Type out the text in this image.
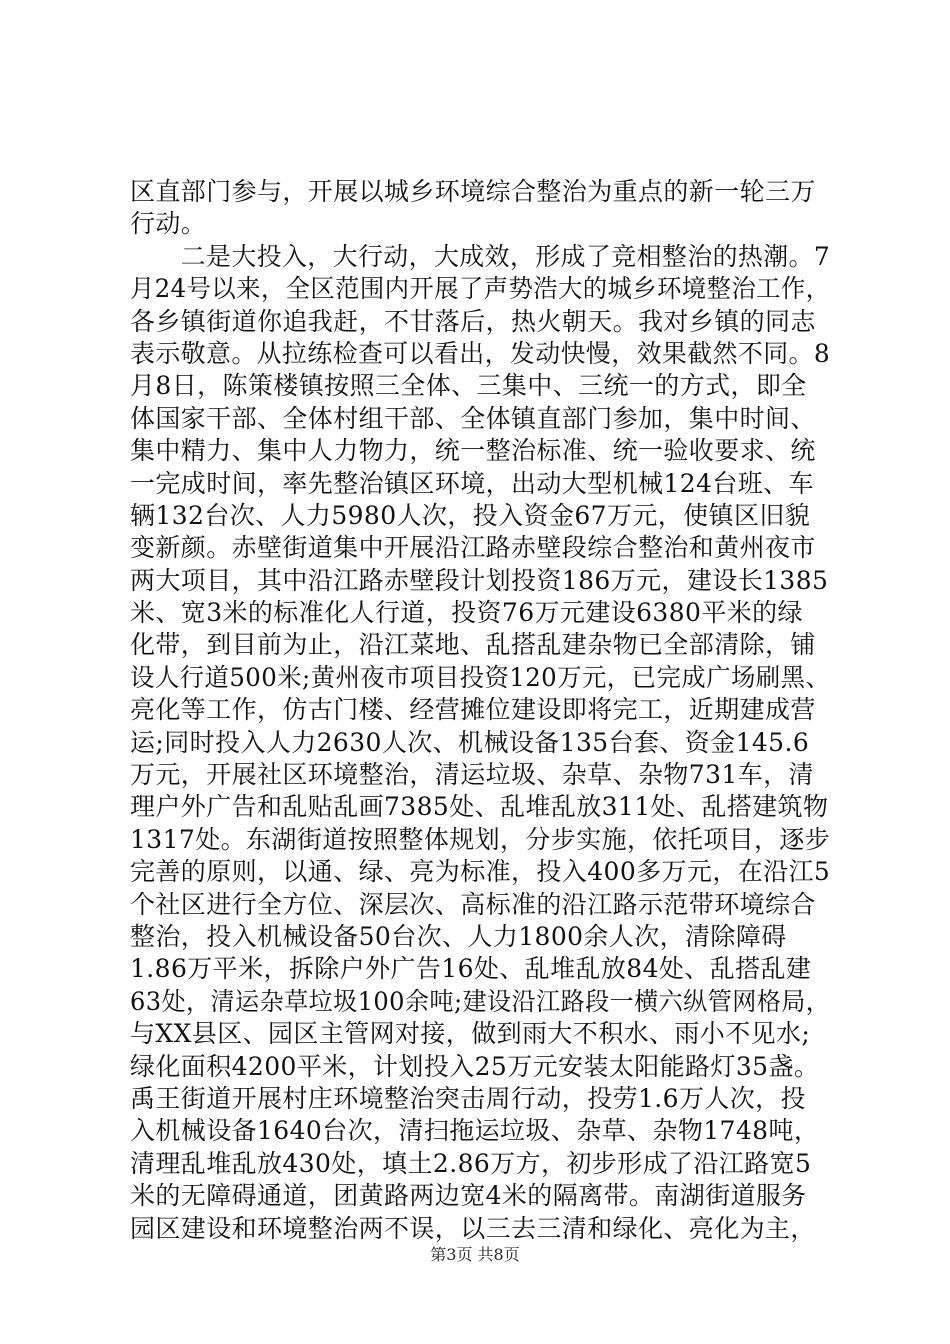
区直部门参与，开展以城乡环境综合整治为重点的新一轮三万
行动。
　　二是大投入，大行动，大成效，形成了竞相整治的热潮。7
月24号以来，全区范围内开展了声势浩大的城乡环境整治工作，
各乡镇街道你追我赶，不甘落后，热火朝天。我对乡镇的同志
表示敬意。从拉练检查可以看出，发动快慢，效果截然不同。8
月8日，陈策楼镇按照三全体、三集中、三统一的方式，即全
体国家干部、全体村组干部、全体镇直部门参加，集中时间、
集中精力、集中人力物力，统一整治标准、统一验收要求、统
一完成时间，率先整治镇区环境，出动大型机械124台班、车
辆132台次、人力5980人次，投入资金67万元，使镇区旧貌
变新颜。赤壁街道集中开展沿江路赤壁段综合整治和黄州夜市
两大项目，其中沿江路赤壁段计划投资186万元，建设长1385
米、宽3米的标准化人行道，投资76万元建设6380平米的绿
化带，到目前为止，沿江菜地、乱搭乱建杂物已全部清除，铺
设人行道500米;黄州夜市项目投资120万元，已完成广场刷黑、
亮化等工作，仿古门楼、经营摊位建设即将完工，近期建成营
运;同时投入人力2630人次、机械设备135台套、资金145.6
万元，开展社区环境整治，清运垃圾、杂草、杂物731车，清
理户外广告和乱贴乱画7385处、乱堆乱放311处、乱搭建筑物
1317处。东湖街道按照整体规划，分步实施，依托项目，逐步
完善的原则，以通、绿、亮为标准，投入400多万元，在沿江5
个社区进行全方位、深层次、高标准的沿江路示范带环境综合
整治，投入机械设备50台次、人力1800余人次，清除障碍
1.86万平米，拆除户外广告16处、乱堆乱放84处、乱搭乱建
63处，清运杂草垃圾100余吨;建设沿江路段一横六纵管网格局，
与XX县区、园区主管网对接，做到雨大不积水、雨小不见水;
绿化面积4200平米，计划投入25万元安装太阳能路灯35盏。
禹王街道开展村庄环境整治突击周行动，投劳1.6万人次，投
入机械设备1640台次，清扫拖运垃圾、杂草、杂物1748吨，
清理乱堆乱放430处，填土2.86万方，初步形成了沿江路宽5
米的无障碍通道，团黄路两边宽4米的隔离带。南湖街道服务
园区建设和环境整治两不误，以三去三清和绿化、亮化为主，
第3页 共8页
